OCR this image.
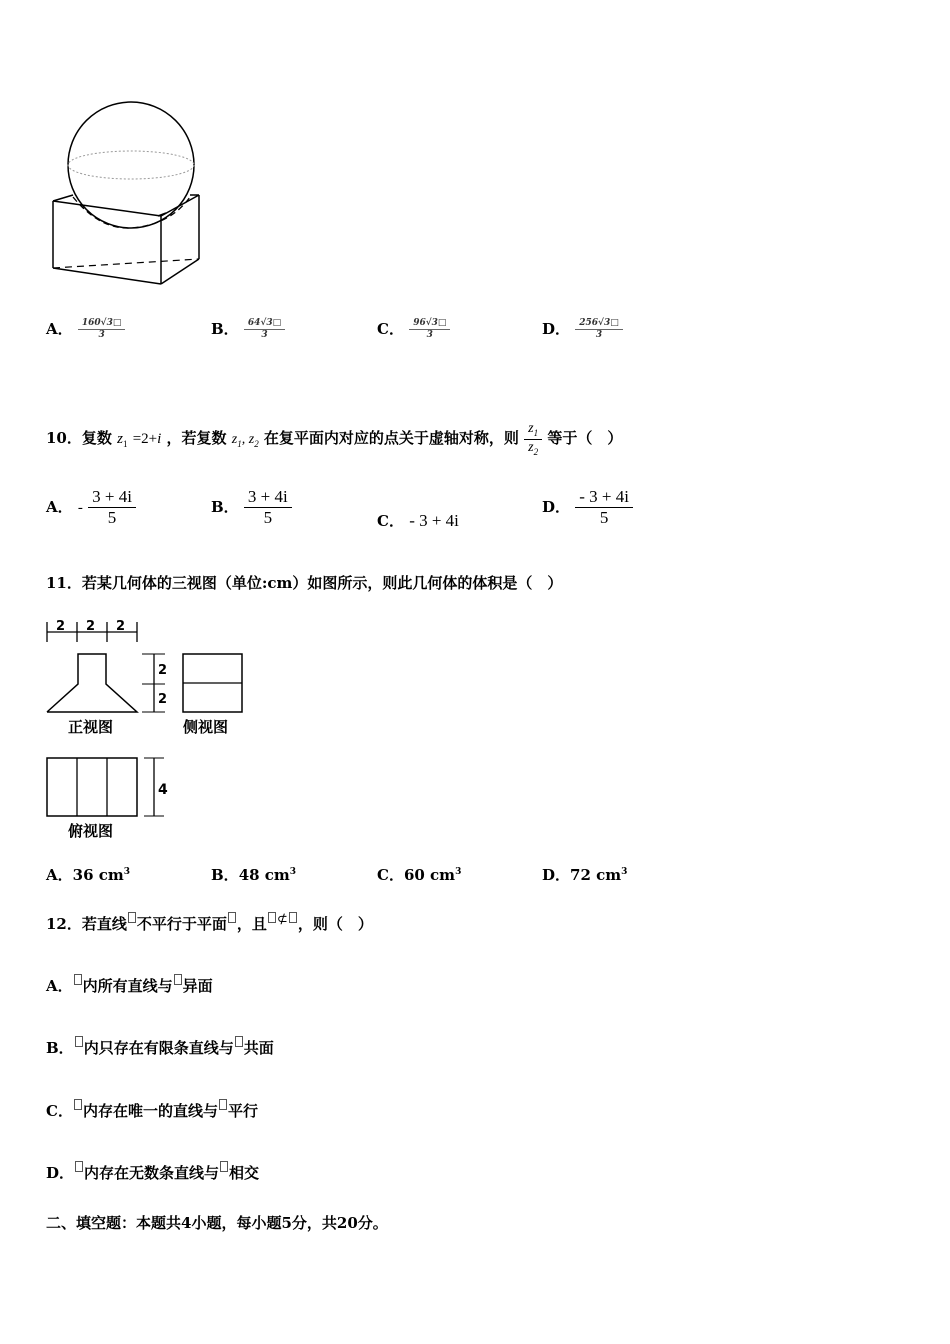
A． $\frac{160√3□}{3}$	B． $\frac{64√3□}{3}$	C． $\frac{96√3□}{3}$	D． $\frac{256√3□}{3}$
10．复数 $z_1 =2+i$ ，若复数 $z_1$, $z_2$ 在复平面内对应的点关于虚轴对称，则 $\frac{z_1}{z_2}$ 等于（　）
A． - $\frac{3 + 4i}{5}$	B． $\frac{3 + 4i}{5}$	C． - 3 + 4i
D． $\frac{- 3 + 4i}{5}$
11．若某几何体的三视图（单位:cm）如图所示，则此几何体的体积是（　）
2 2 2
2
2
正视图	侧视图
4
俯视图
A．36 $cm^3$	B．48 $cm^3$	C．60 $cm^3$	D．72 $cm^3$
12．若直线 不平行于平面 ，且 ⊄ ，则（　）
A． 内所有直线与 异面
B． 内只存在有限条直线与 共面
C． 内存在唯一的直线与 平行
D． 内存在无数条直线与 相交
二、填空题：本题共4小题，每小题5分，共20分。
